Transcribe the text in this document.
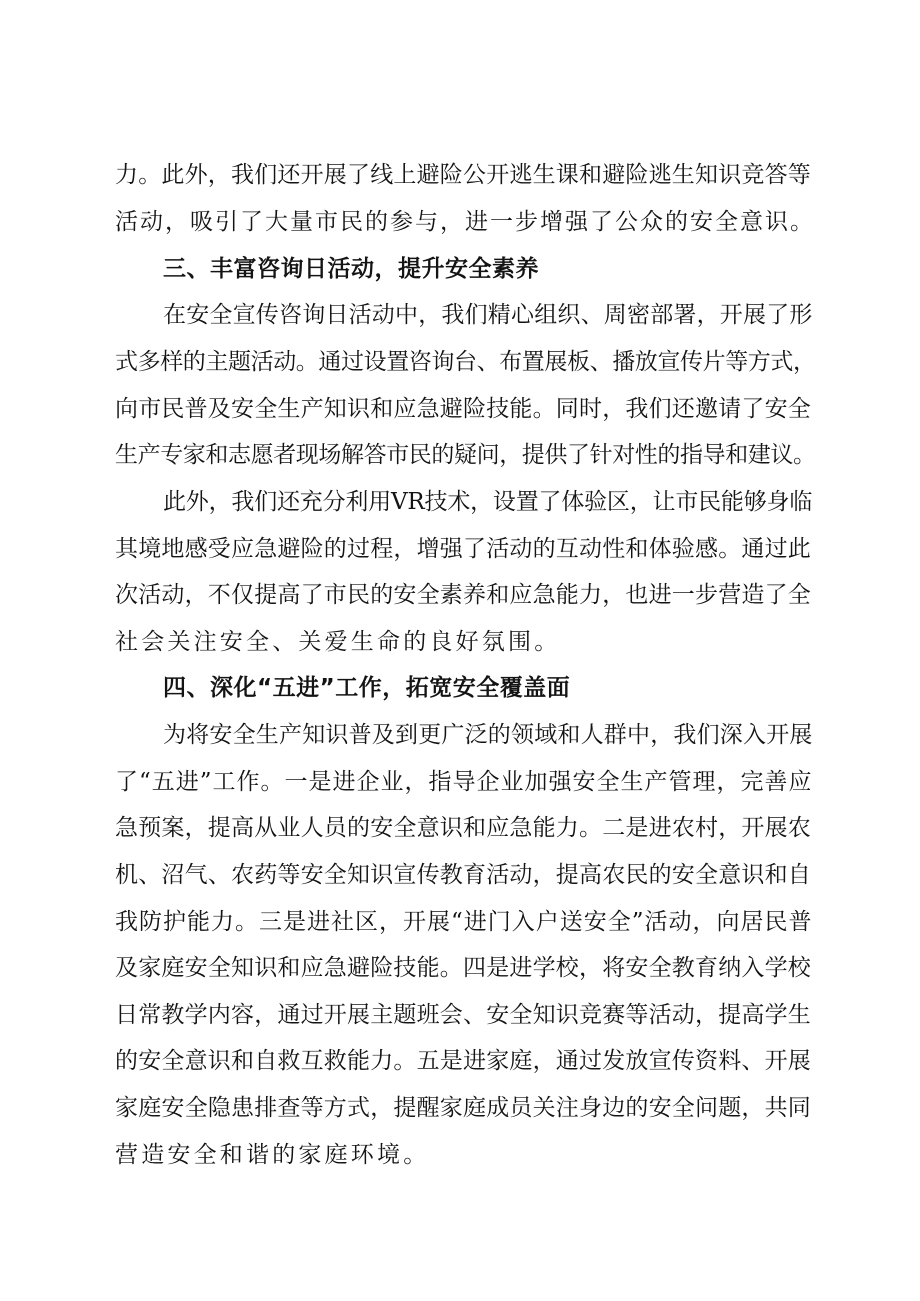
力。此外，我们还开展了线上避险公开逃生课和避险逃生知识竞答等
活动，吸引了大量市民的参与，进一步增强了公众的安全意识。
三、丰富咨询日活动，提升安全素养
在安全宣传咨询日活动中，我们精心组织、周密部署，开展了形
式多样的主题活动。通过设置咨询台、布置展板、播放宣传片等方式，
向市民普及安全生产知识和应急避险技能。同时，我们还邀请了安全
生产专家和志愿者现场解答市民的疑问，提供了针对性的指导和建议。
此外，我们还充分利用VR技术，设置了体验区，让市民能够身临
其境地感受应急避险的过程，增强了活动的互动性和体验感。通过此
次活动，不仅提高了市民的安全素养和应急能力，也进一步营造了全
社会关注安全、关爱生命的良好氛围。
四、深化“五进”工作，拓宽安全覆盖面
为将安全生产知识普及到更广泛的领域和人群中，我们深入开展
了“五进”工作。一是进企业，指导企业加强安全生产管理，完善应
急预案，提高从业人员的安全意识和应急能力。二是进农村，开展农
机、沼气、农药等安全知识宣传教育活动，提高农民的安全意识和自
我防护能力。三是进社区，开展“进门入户送安全”活动，向居民普
及家庭安全知识和应急避险技能。四是进学校，将安全教育纳入学校
日常教学内容，通过开展主题班会、安全知识竞赛等活动，提高学生
的安全意识和自救互救能力。五是进家庭，通过发放宣传资料、开展
家庭安全隐患排查等方式，提醒家庭成员关注身边的安全问题，共同
营造安全和谐的家庭环境。
